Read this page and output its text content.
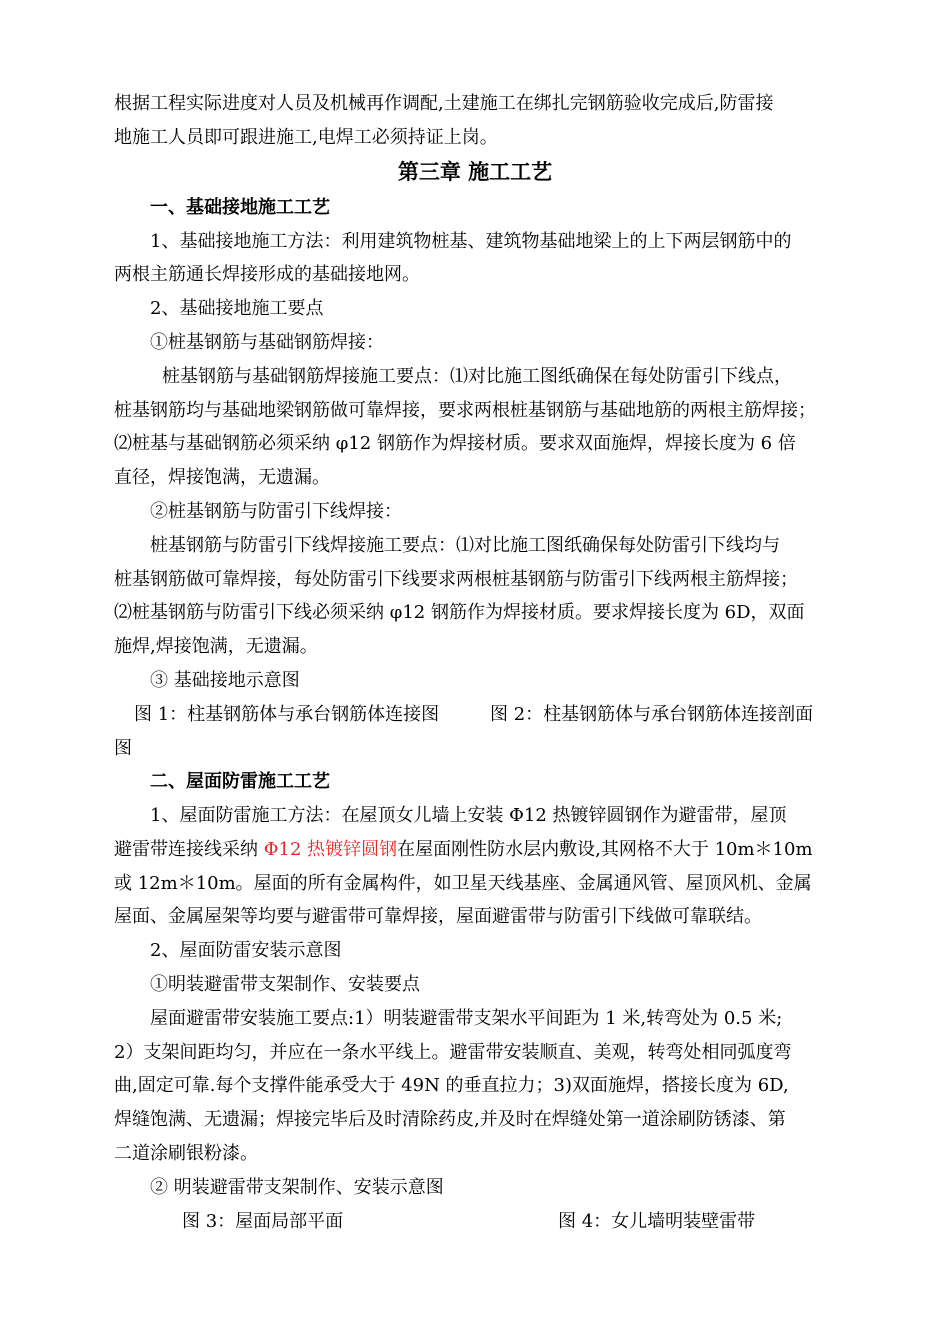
根据工程实际进度对人员及机械再作调配,土建施工在绑扎完钢筋验收完成后,防雷接
地施工人员即可跟进施工,电焊工必须持证上岗。
第三章 施工工艺
一、基础接地施工工艺
1、基础接地施工方法：利用建筑物桩基、建筑物基础地梁上的上下两层钢筋中的
两根主筋通长焊接形成的基础接地网。
2、基础接地施工要点
①桩基钢筋与基础钢筋焊接：
桩基钢筋与基础钢筋焊接施工要点：⑴对比施工图纸确保在每处防雷引下线点，
桩基钢筋均与基础地梁钢筋做可靠焊接，要求两根桩基钢筋与基础地筋的两根主筋焊接；
⑵桩基与基础钢筋必须采纳 φ12 钢筋作为焊接材质。要求双面施焊，焊接长度为 6 倍
直径，焊接饱满，无遗漏。
②桩基钢筋与防雷引下线焊接：
桩基钢筋与防雷引下线焊接施工要点：⑴对比施工图纸确保每处防雷引下线均与
桩基钢筋做可靠焊接，每处防雷引下线要求两根桩基钢筋与防雷引下线两根主筋焊接；
⑵桩基钢筋与防雷引下线必须采纳 φ12 钢筋作为焊接材质。要求焊接长度为 6D，双面
施焊,焊接饱满，无遗漏。
③ 基础接地示意图
图 1：柱基钢筋体与承台钢筋体连接图	图 2：柱基钢筋体与承台钢筋体连接剖面
图
二、屋面防雷施工工艺
1、屋面防雷施工方法：在屋顶女儿墙上安装 Φ12 热镀锌圆钢作为避雷带，屋顶
避雷带连接线采纳 Φ12 热镀锌圆钢在屋面刚性防水层内敷设,其网格不大于 10m＊10m
或 12m＊10m。屋面的所有金属构件，如卫星天线基座、金属通风管、屋顶风机、金属
屋面、金属屋架等均要与避雷带可靠焊接，屋面避雷带与防雷引下线做可靠联结。
2、屋面防雷安装示意图
①明装避雷带支架制作、安装要点
屋面避雷带安装施工要点:1）明装避雷带支架水平间距为 1 米,转弯处为 0.5 米;
2）支架间距均匀，并应在一条水平线上。避雷带安装顺直、美观，转弯处相同弧度弯
曲,固定可靠.每个支撑件能承受大于 49N 的垂直拉力；3)双面施焊，搭接长度为 6D,
焊缝饱满、无遗漏；焊接完毕后及时清除药皮,并及时在焊缝处第一道涂刷防锈漆、第
二道涂刷银粉漆。
② 明装避雷带支架制作、安装示意图
图 3：屋面局部平面	图 4：女儿墙明装壁雷带
